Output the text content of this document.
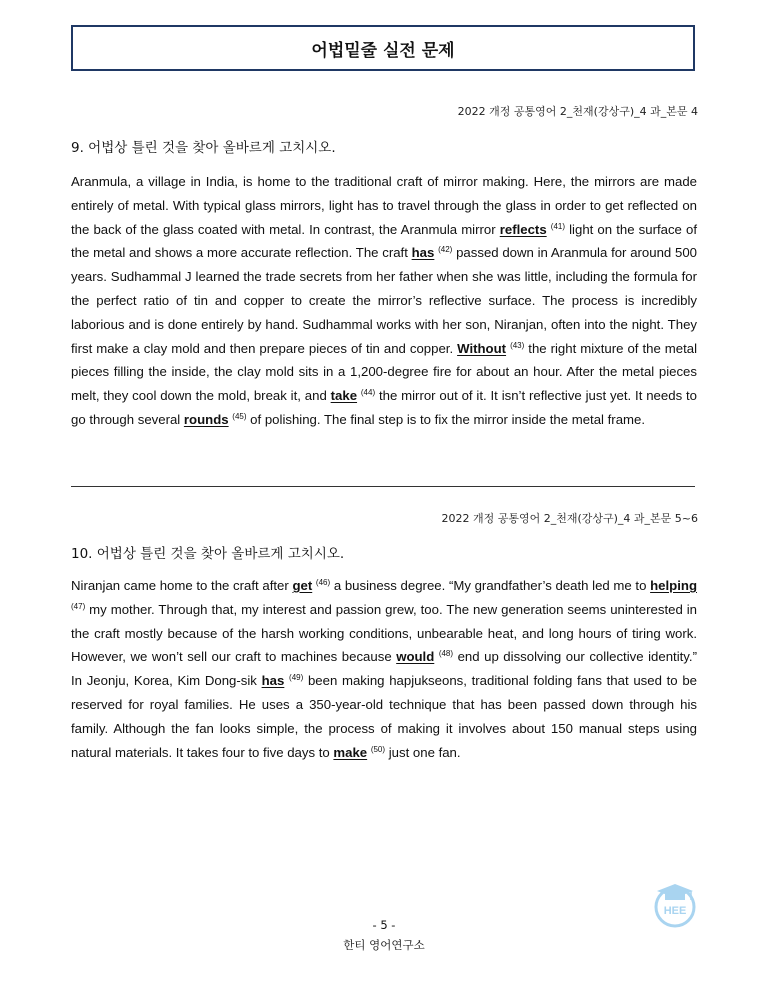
어법밑줄 실전 문제
2022 개정 공통영어 2_천재(강상구)_4 과_본문 4
9. 어법상 틀린 것을 찾아 올바르게 고치시오.
Aranmula, a village in India, is home to the traditional craft of mirror making. Here, the mirrors are made entirely of metal. With typical glass mirrors, light has to travel through the glass in order to get reflected on the back of the glass coated with metal. In contrast, the Aranmula mirror reflects $^{(41)}$ light on the surface of the metal and shows a more accurate reflection. The craft has $^{(42)}$ passed down in Aranmula for around 500 years. Sudhammal J learned the trade secrets from her father when she was little, including the formula for the perfect ratio of tin and copper to create the mirror’s reflective surface. The process is incredibly laborious and is done entirely by hand. Sudhammal works with her son, Niranjan, often into the night. They first make a clay mold and then prepare pieces of tin and copper. Without $^{(43)}$ the right mixture of the metal pieces filling the inside, the clay mold sits in a 1,200-degree fire for about an hour. After the metal pieces melt, they cool down the mold, break it, and take $^{(44)}$ the mirror out of it. It isn’t reflective just yet. It needs to go through several rounds $^{(45)}$ of polishing. The final step is to fix the mirror inside the metal frame.
2022 개정 공통영어 2_천재(강상구)_4 과_본문 5~6
10. 어법상 틀린 것을 찾아 올바르게 고치시오.
Niranjan came home to the craft after get $^{(46)}$ a business degree. “My grandfather’s death led me to helping $^{(47)}$ my mother. Through that, my interest and passion grew, too. The new generation seems uninterested in the craft mostly because of the harsh working conditions, unbearable heat, and long hours of tiring work. However, we won’t sell our craft to machines because would $^{(48)}$ end up dissolving our collective identity.” In Jeonju, Korea, Kim Dong-sik has $^{(49)}$ been making hapjukseons, traditional folding fans that used to be reserved for royal families. He uses a 350-year-old technique that has been passed down through his family. Although the fan looks simple, the process of making it involves about 150 manual steps using natural materials. It takes four to five days to make $^{(50)}$ just one fan.
- 5 -
한티 영어연구소
HEE
